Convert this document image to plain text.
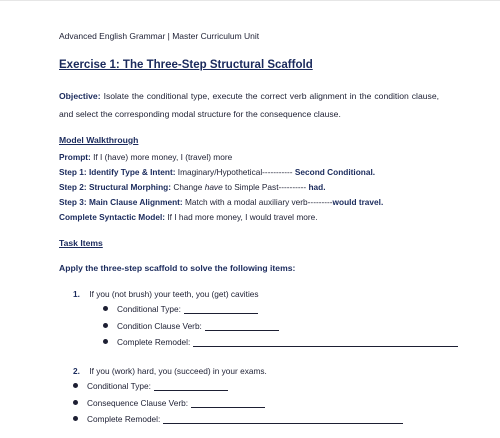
Advanced English Grammar | Master Curriculum Unit
Exercise 1: The Three-Step Structural Scaffold
Objective: Isolate the conditional type, execute the correct verb alignment in the condition clause, and select the corresponding modal structure for the consequence clause.
Model Walkthrough
Prompt: If I (have) more money, I (travel) more
Step 1: Identify Type & Intent: Imaginary/Hypothetical----------- Second Conditional.
Step 2: Structural Morphing: Change have to Simple Past---------- had.
Step 3: Main Clause Alignment: Match with a modal auxiliary verb---------would travel.
Complete Syntactic Model: If I had more money, I would travel more.
Task Items
Apply the three-step scaffold to solve the following items:
1. If you (not brush) your teeth, you (get) cavities
Conditional Type:
Condition Clause Verb:
Complete Remodel:
2. If you (work) hard, you (succeed) in your exams.
Conditional Type:
Consequence Clause Verb:
Complete Remodel:
